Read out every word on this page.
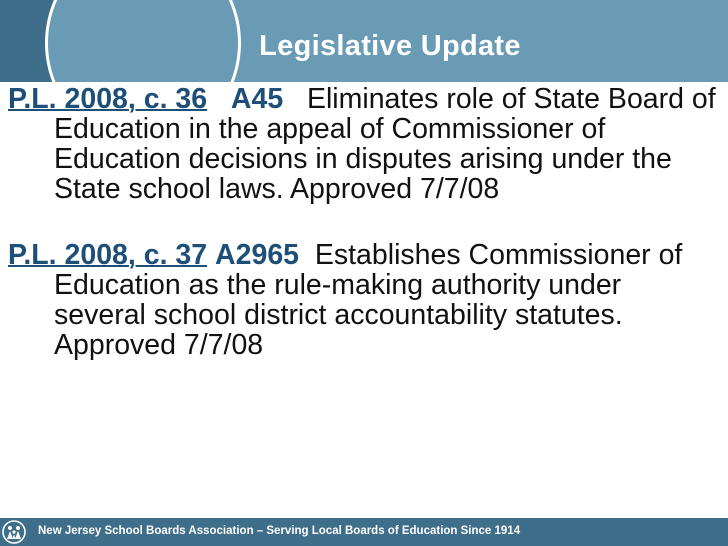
Legislative Update

P.L. 2008, c. 36 A45 Eliminates role of State Board of Education in the appeal of Commissioner of Education decisions in disputes arising under the State school laws. Approved 7/7/08

P.L. 2008, c. 37 A2965 Establishes Commissioner of Education as the rule-making authority under several school district accountability statutes. Approved 7/7/08

New Jersey School Boards Association – Serving Local Boards of Education Since 1914
